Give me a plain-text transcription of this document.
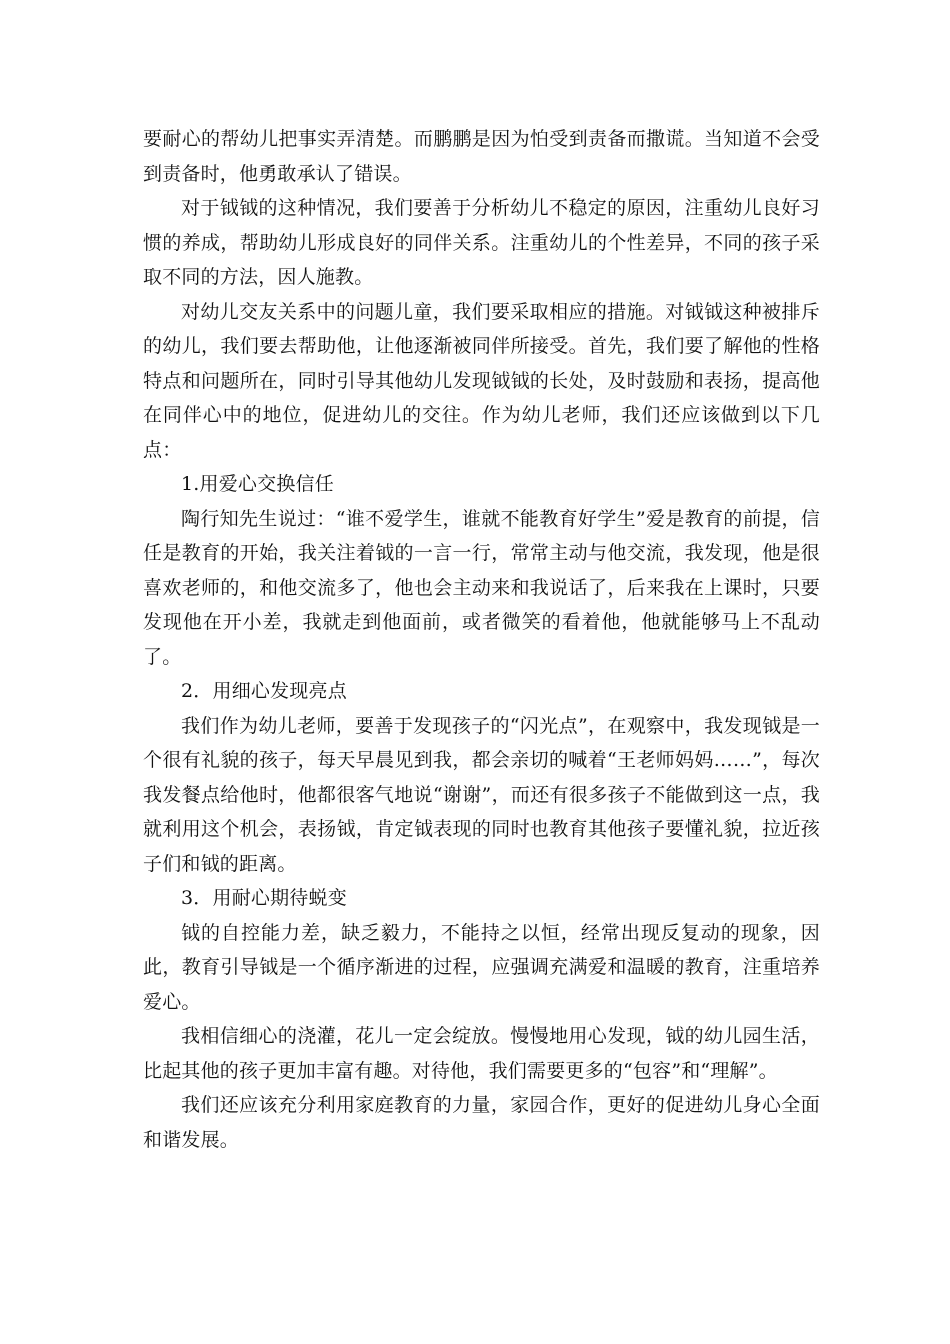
要耐心的帮幼儿把事实弄清楚。而鹏鹏是因为怕受到责备而撒谎。当知道不会受到责备时，他勇敢承认了错误。

对于钺钺的这种情况，我们要善于分析幼儿不稳定的原因，注重幼儿良好习惯的养成，帮助幼儿形成良好的同伴关系。注重幼儿的个性差异，不同的孩子采取不同的方法，因人施教。

对幼儿交友关系中的问题儿童，我们要采取相应的措施。对钺钺这种被排斥的幼儿，我们要去帮助他，让他逐渐被同伴所接受。首先，我们要了解他的性格特点和问题所在，同时引导其他幼儿发现钺钺的长处，及时鼓励和表扬，提高他在同伴心中的地位，促进幼儿的交往。作为幼儿老师，我们还应该做到以下几点：

1.用爱心交换信任

陶行知先生说过：“谁不爱学生，谁就不能教育好学生”爱是教育的前提，信任是教育的开始，我关注着钺的一言一行，常常主动与他交流，我发现，他是很喜欢老师的，和他交流多了，他也会主动来和我说话了，后来我在上课时，只要发现他在开小差，我就走到他面前，或者微笑的看着他，他就能够马上不乱动了。

2．用细心发现亮点

我们作为幼儿老师，要善于发现孩子的“闪光点”，在观察中，我发现钺是一个很有礼貌的孩子，每天早晨见到我，都会亲切的喊着“王老师妈妈……”，每次我发餐点给他时，他都很客气地说“谢谢”，而还有很多孩子不能做到这一点，我就利用这个机会，表扬钺，肯定钺表现的同时也教育其他孩子要懂礼貌，拉近孩子们和钺的距离。

3．用耐心期待蜕变

钺的自控能力差，缺乏毅力，不能持之以恒，经常出现反复动的现象，因此，教育引导钺是一个循序渐进的过程，应强调充满爱和温暖的教育，注重培养爱心。

我相信细心的浇灌，花儿一定会绽放。慢慢地用心发现，钺的幼儿园生活，比起其他的孩子更加丰富有趣。对待他，我们需要更多的“包容”和“理解”。

我们还应该充分利用家庭教育的力量，家园合作，更好的促进幼儿身心全面和谐发展。
